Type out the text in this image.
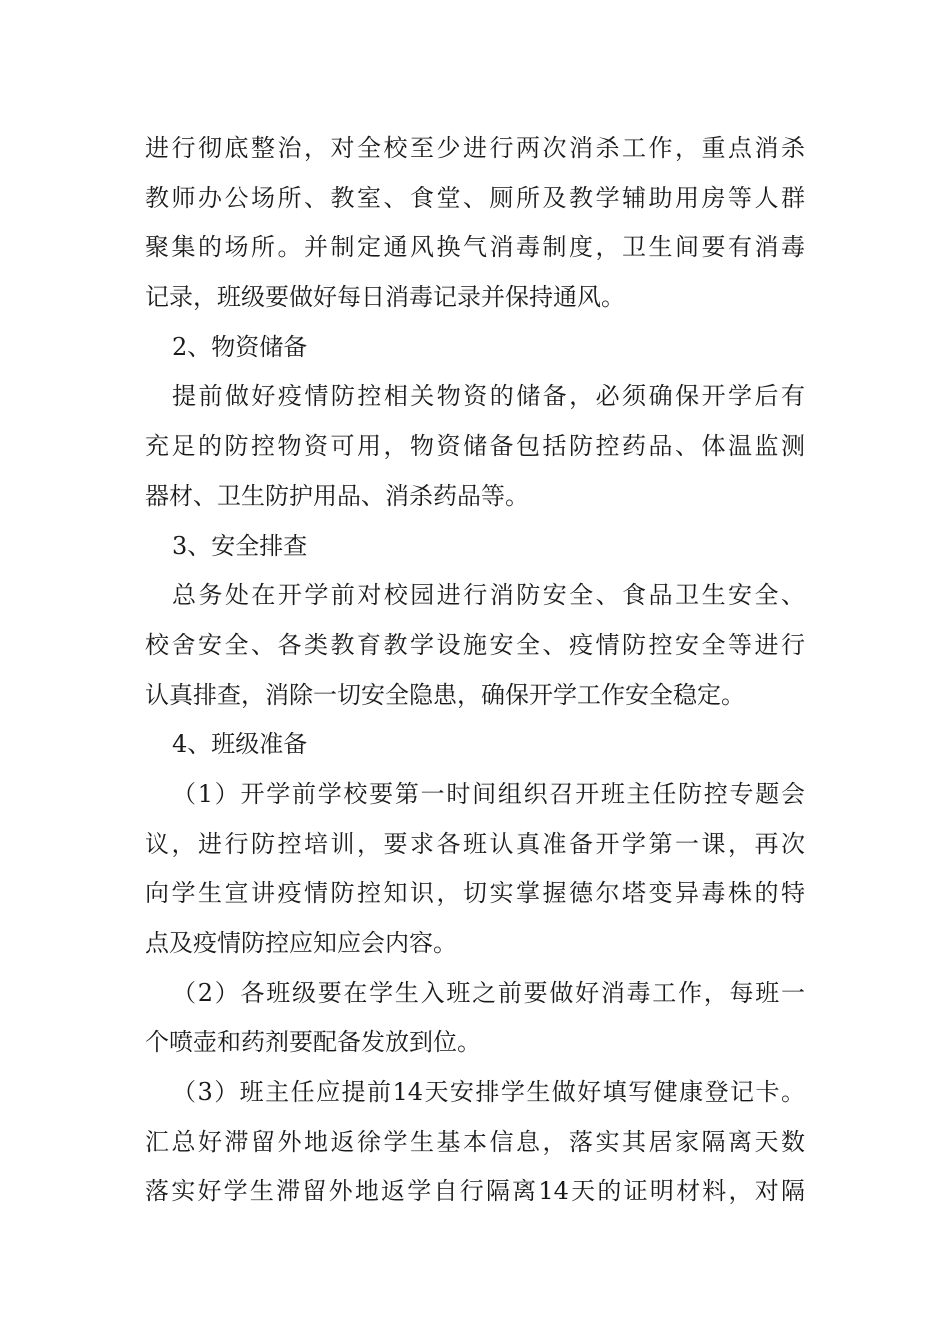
进行彻底整治，对全校至少进行两次消杀工作，重点消杀
教师办公场所、教室、食堂、厕所及教学辅助用房等人群
聚集的场所。并制定通风换气消毒制度，卫生间要有消毒
记录，班级要做好每日消毒记录并保持通风。
2、物资储备
提前做好疫情防控相关物资的储备，必须确保开学后有
充足的防控物资可用，物资储备包括防控药品、体温监测
器材、卫生防护用品、消杀药品等。
3、安全排查
总务处在开学前对校园进行消防安全、食品卫生安全、
校舍安全、各类教育教学设施安全、疫情防控安全等进行
认真排查，消除一切安全隐患，确保开学工作安全稳定。
4、班级准备
（1）开学前学校要第一时间组织召开班主任防控专题会
议，进行防控培训，要求各班认真准备开学第一课，再次
向学生宣讲疫情防控知识，切实掌握德尔塔变异毒株的特
点及疫情防控应知应会内容。
（2）各班级要在学生入班之前要做好消毒工作，每班一
个喷壶和药剂要配备发放到位。
（3）班主任应提前14天安排学生做好填写健康登记卡。
汇总好滞留外地返徐学生基本信息，落实其居家隔离天数
落实好学生滞留外地返学自行隔离14天的证明材料，对隔
